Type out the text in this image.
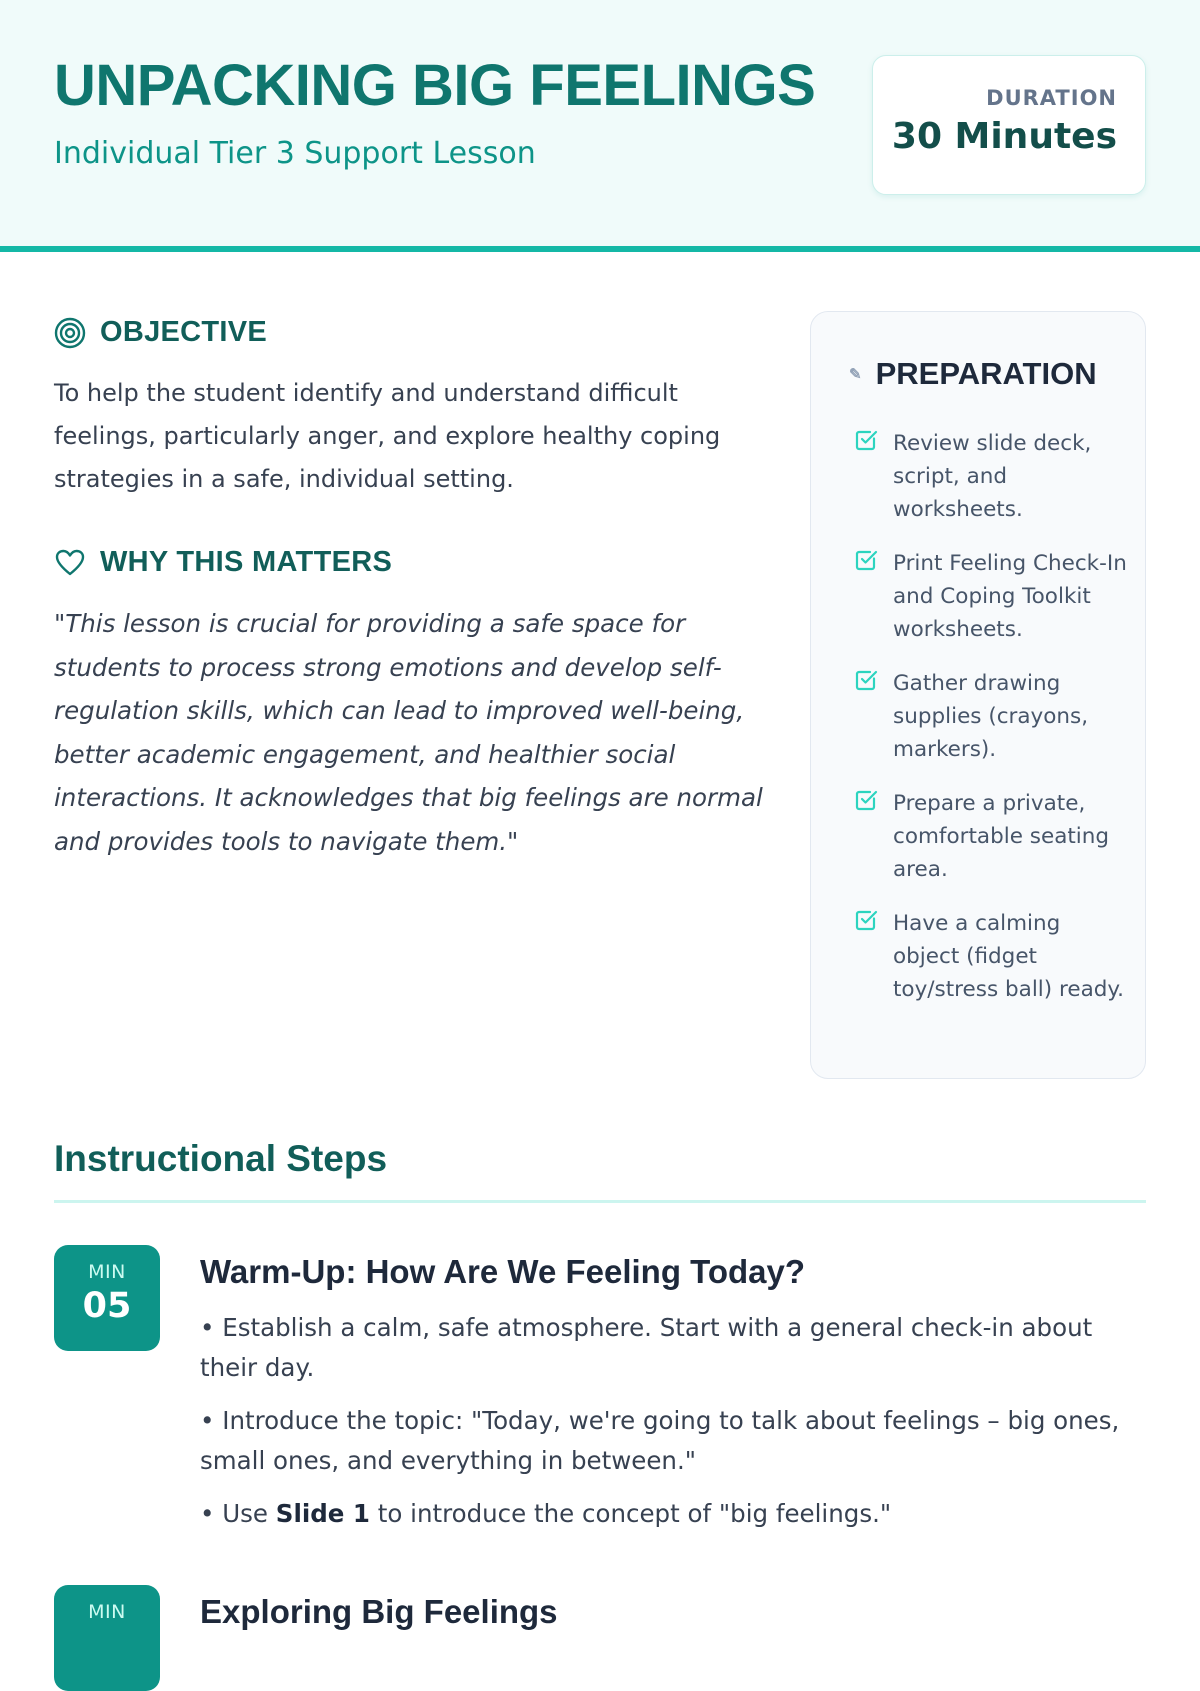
UNPACKING BIG FEELINGS
Individual Tier 3 Support Lesson
DURATION
30 Minutes
OBJECTIVE
To help the student identify and understand difficult feelings, particularly anger, and explore healthy coping strategies in a safe, individual setting.
WHY THIS MATTERS
"This lesson is crucial for providing a safe space for students to process strong emotions and develop self-regulation skills, which can lead to improved well-being, better academic engagement, and healthier social interactions. It acknowledges that big feelings are normal and provides tools to navigate them."
✎ PREPARATION
Review slide deck, script, and worksheets.
Print Feeling Check-In and Coping Toolkit worksheets.
Gather drawing supplies (crayons, markers).
Prepare a private, comfortable seating area.
Have a calming object (fidget toy/stress ball) ready.
Instructional Steps
MIN
05
Warm-Up: How Are We Feeling Today?
• Establish a calm, safe atmosphere. Start with a general check-in about their day.
• Introduce the topic: "Today, we're going to talk about feelings – big ones, small ones, and everything in between."
• Use Slide 1 to introduce the concept of "big feelings."
MIN	Exploring Big Feelings
